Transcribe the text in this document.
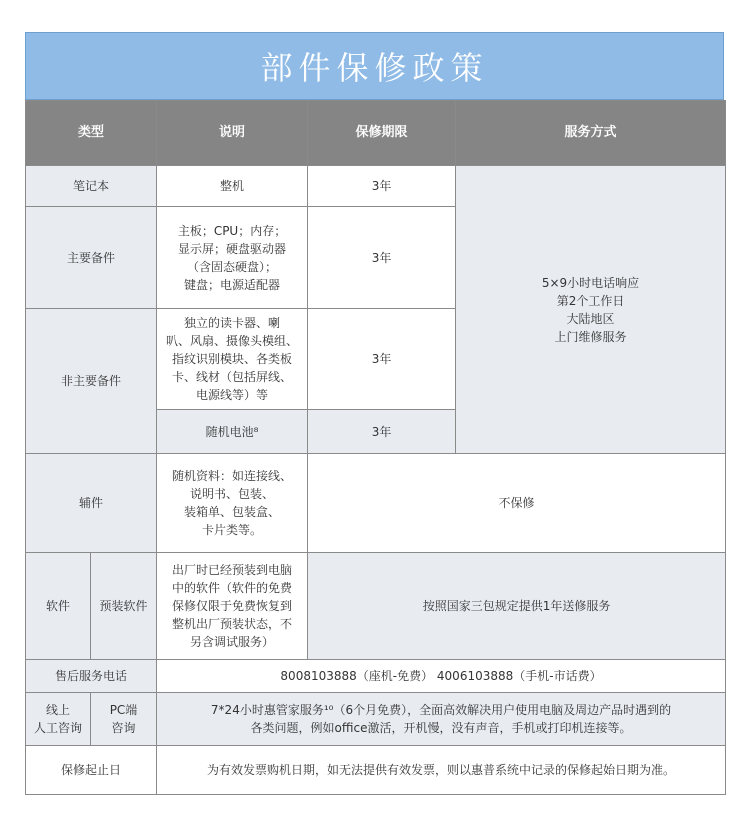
部件保修政策
类型		说明	保修期限	服务方式
笔记本		整机	3年	5×9小时电话响应
第2个工作日
大陆地区
上门维修服务
主要备件		主板；CPU；内存；
显示屏；硬盘驱动器
（含固态硬盘）；
键盘；电源适配器	3年	
非主要备件		独立的读卡器、喇
叭、风扇、摄像头模组、
指纹识别模块、各类板
卡、线材（包括屏线、
电源线等）等	3年	
		随机电池⁸	3年	
辅件		随机资料：如连接线、
说明书、包装、
装箱单、包装盒、
卡片类等。	不保修	
软件	预装软件	出厂时已经预装到电脑
中的软件（软件的免费
保修仅限于免费恢复到
整机出厂预装状态，不
另含调试服务）	按照国家三包规定提供1年送修服务	
售后服务电话		8008103888（座机-免费） 4006103888（手机-市话费）		
线上
人工咨询	PC端
咨询	7*24小时惠管家服务¹⁰（6个月免费），全面高效解决用户使用电脑及周边产品时遇到的
各类问题，例如office激活，开机慢，没有声音，手机或打印机连接等。		
保修起止日		为有效发票购机日期，如无法提供有效发票，则以惠普系统中记录的保修起始日期为准。		
